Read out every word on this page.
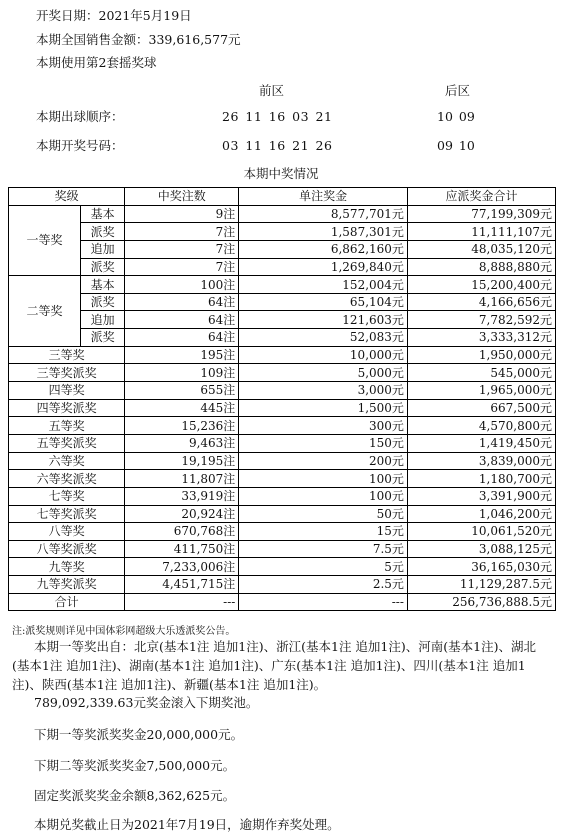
开奖日期：2021年5月19日
本期全国销售金额：339,616,577元
本期使用第2套摇奖球
前区	后区
本期出球顺序：	26 11 16 03 21	10 09
本期开奖号码：	03 11 16 21 26	09 10
本期中奖情况
奖级		中奖注数	单注奖金	应派奖金合计
一等奖	基本	9注	8,577,701元	77,199,309元
	派奖	7注	1,587,301元	11,111,107元
	追加	7注	6,862,160元	48,035,120元
	派奖	7注	1,269,840元	8,888,880元
二等奖	基本	100注	152,004元	15,200,400元
	派奖	64注	65,104元	4,166,656元
	追加	64注	121,603元	7,782,592元
	派奖	64注	52,083元	3,333,312元
三等奖		195注	10,000元	1,950,000元
三等奖派奖		109注	5,000元	545,000元
四等奖		655注	3,000元	1,965,000元
四等奖派奖		445注	1,500元	667,500元
五等奖		15,236注	300元	4,570,800元
五等奖派奖		9,463注	150元	1,419,450元
六等奖		19,195注	200元	3,839,000元
六等奖派奖		11,807注	100元	1,180,700元
七等奖		33,919注	100元	3,391,900元
七等奖派奖		20,924注	50元	1,046,200元
八等奖		670,768注	15元	10,061,520元
八等奖派奖		411,750注	7.5元	3,088,125元
九等奖		7,233,006注	5元	36,165,030元
九等奖派奖		4,451,715注	2.5元	11,129,287.5元
合计		---	---	256,736,888.5元
注:派奖规则详见中国体彩网超级大乐透派奖公告。
本期一等奖出自：北京(基本1注 追加1注)、浙江(基本1注 追加1注)、河南(基本1注)、湖北(基本1注 追加1注)、湖南(基本1注 追加1注)、广东(基本1注 追加1注)、四川(基本1注 追加1注)、陕西(基本1注 追加1注)、新疆(基本1注 追加1注)。
789,092,339.63元奖金滚入下期奖池。
下期一等奖派奖奖金20,000,000元。
下期二等奖派奖奖金7,500,000元。
固定奖派奖奖金余额8,362,625元。
本期兑奖截止日为2021年7月19日，逾期作弃奖处理。
